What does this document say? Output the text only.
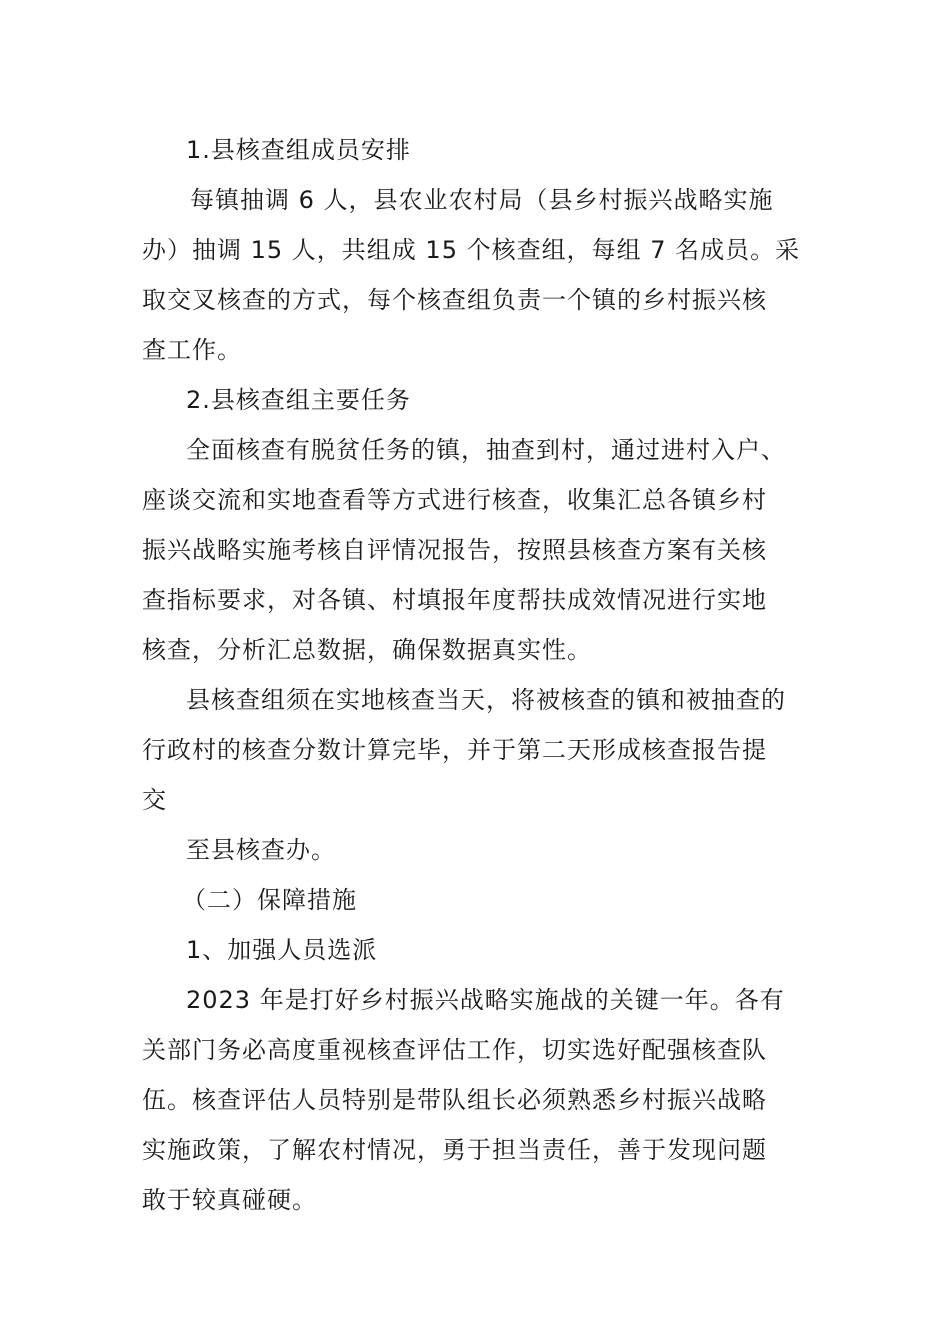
1.县核查组成员安排
每镇抽调 6 人，县农业农村局（县乡村振兴战略实施
办）抽调 15 人，共组成 15 个核查组，每组 7 名成员。采
取交叉核查的方式，每个核查组负责一个镇的乡村振兴核
查工作。
2.县核查组主要任务
全面核查有脱贫任务的镇，抽查到村，通过进村入户、
座谈交流和实地查看等方式进行核查，收集汇总各镇乡村
振兴战略实施考核自评情况报告，按照县核查方案有关核
查指标要求，对各镇、村填报年度帮扶成效情况进行实地
核查，分析汇总数据，确保数据真实性。
县核查组须在实地核查当天，将被核查的镇和被抽查的
行政村的核查分数计算完毕，并于第二天形成核查报告提
交
至县核查办。
（二）保障措施
1、加强人员选派
2023 年是打好乡村振兴战略实施战的关键一年。各有
关部门务必高度重视核查评估工作，切实选好配强核查队
伍。核查评估人员特别是带队组长必须熟悉乡村振兴战略
实施政策，了解农村情况，勇于担当责任，善于发现问题
敢于较真碰硬。
